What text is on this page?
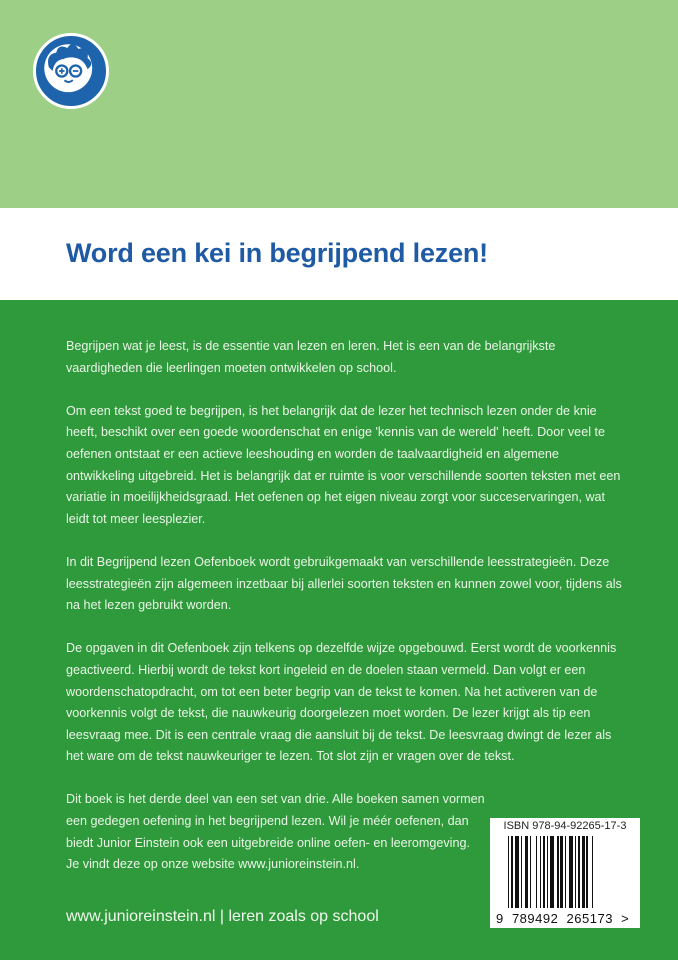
Word een kei in begrijpend lezen!

Begrijpen wat je leest, is de essentie van lezen en leren. Het is een van de belangrijkste vaardigheden die leerlingen moeten ontwikkelen op school.

Om een tekst goed te begrijpen, is het belangrijk dat de lezer het technisch lezen onder de knie heeft, beschikt over een goede woordenschat en enige 'kennis van de wereld' heeft. Door veel te oefenen ontstaat er een actieve leeshouding en worden de taalvaardigheid en algemene ontwikkeling uitgebreid. Het is belangrijk dat er ruimte is voor verschillende soorten teksten met een variatie in moeilijkheidsgraad. Het oefenen op het eigen niveau zorgt voor succeservaringen, wat leidt tot meer leesplezier.

In dit Begrijpend lezen Oefenboek wordt gebruikgemaakt van verschillende leesstrategieën. Deze leesstrategieën zijn algemeen inzetbaar bij allerlei soorten teksten en kunnen zowel voor, tijdens als na het lezen gebruikt worden.

De opgaven in dit Oefenboek zijn telkens op dezelfde wijze opgebouwd. Eerst wordt de voorkennis geactiveerd. Hierbij wordt de tekst kort ingeleid en de doelen staan vermeld. Dan volgt er een woordenschatopdracht, om tot een beter begrip van de tekst te komen. Na het activeren van de voorkennis volgt de tekst, die nauwkeurig doorgelezen moet worden. De lezer krijgt als tip een leesvraag mee. Dit is een centrale vraag die aansluit bij de tekst. De leesvraag dwingt de lezer als het ware om de tekst nauwkeuriger te lezen. Tot slot zijn er vragen over de tekst.

Dit boek is het derde deel van een set van drie. Alle boeken samen vormen een gedegen oefening in het begrijpend lezen. Wil je méér oefenen, dan biedt Junior Einstein ook een uitgebreide online oefen- en leeromgeving. Je vindt deze op onze website www.junioreinstein.nl.

ISBN 978-94-92265-17-3
9  789492  265173  >
www.junioreinstein.nl | leren zoals op school
